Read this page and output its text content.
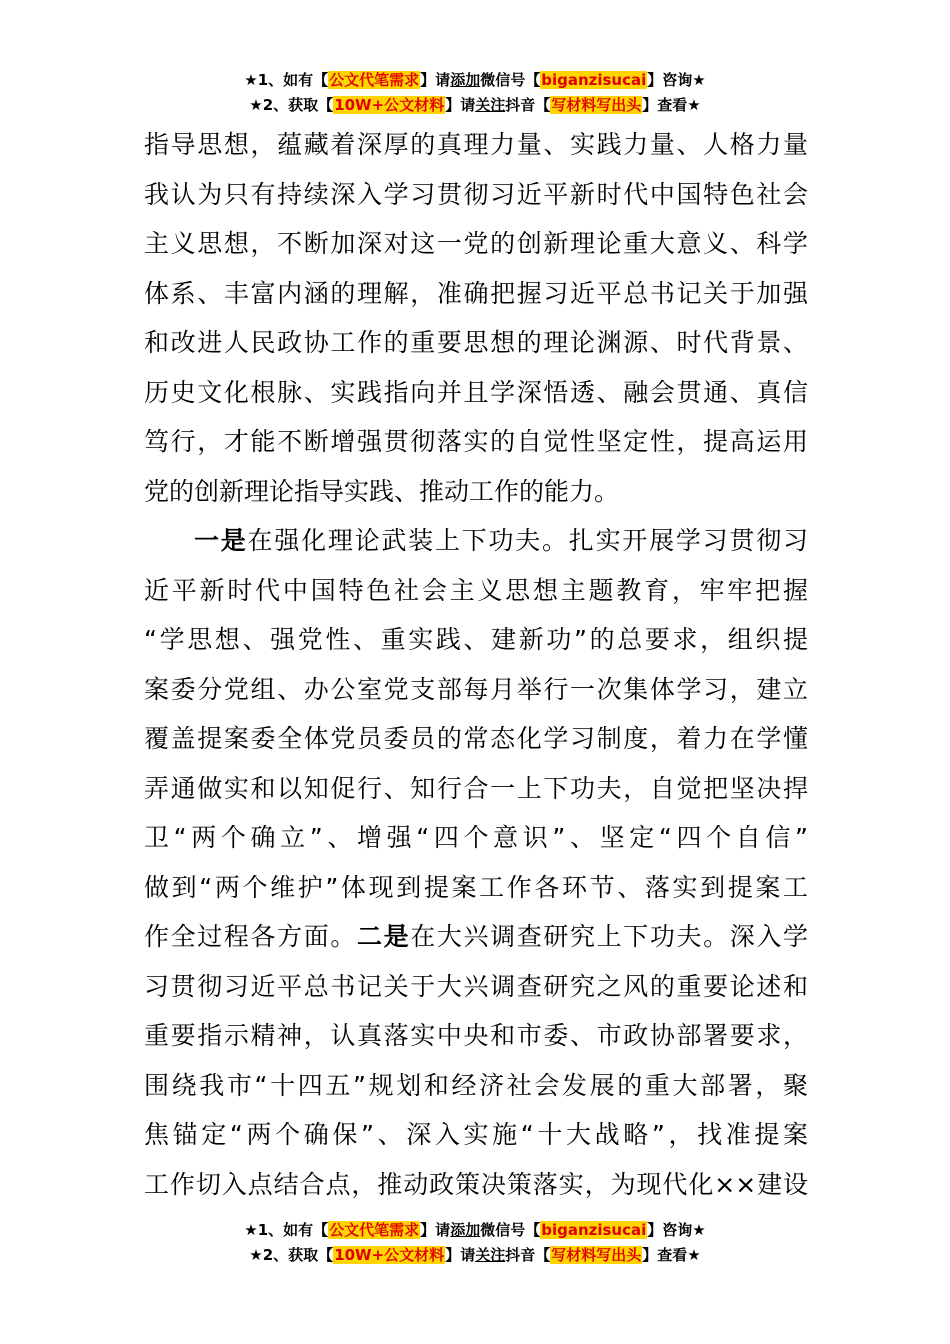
★1、如有【公文代笔需求】请添加微信号【biganzisucai】咨询★
★2、获取【10W+公文材料】请关注抖音【写材料写出头】查看★
指导思想，蕴藏着深厚的真理力量、实践力量、人格力量
我认为只有持续深入学习贯彻习近平新时代中国特色社会
主义思想，不断加深对这一党的创新理论重大意义、科学
体系、丰富内涵的理解，准确把握习近平总书记关于加强
和改进人民政协工作的重要思想的理论渊源、时代背景、
历史文化根脉、实践指向并且学深悟透、融会贯通、真信
笃行，才能不断增强贯彻落实的自觉性坚定性，提高运用
党的创新理论指导实践、推动工作的能力。
一是在强化理论武装上下功夫。扎实开展学习贯彻习
近平新时代中国特色社会主义思想主题教育，牢牢把握
“学思想、强党性、重实践、建新功”的总要求，组织提
案委分党组、办公室党支部每月举行一次集体学习，建立
覆盖提案委全体党员委员的常态化学习制度，着力在学懂
弄通做实和以知促行、知行合一上下功夫，自觉把坚决捍
卫“两个确立”、增强“四个意识”、坚定“四个自信”
做到“两个维护”体现到提案工作各环节、落实到提案工
作全过程各方面。二是在大兴调查研究上下功夫。深入学
习贯彻习近平总书记关于大兴调查研究之风的重要论述和
重要指示精神，认真落实中央和市委、市政协部署要求，
围绕我市“十四五”规划和经济社会发展的重大部署，聚
焦锚定“两个确保”、深入实施“十大战略”，找准提案
工作切入点结合点，推动政策决策落实，为现代化××建设
★1、如有【公文代笔需求】请添加微信号【biganzisucai】咨询★
★2、获取【10W+公文材料】请关注抖音【写材料写出头】查看★
